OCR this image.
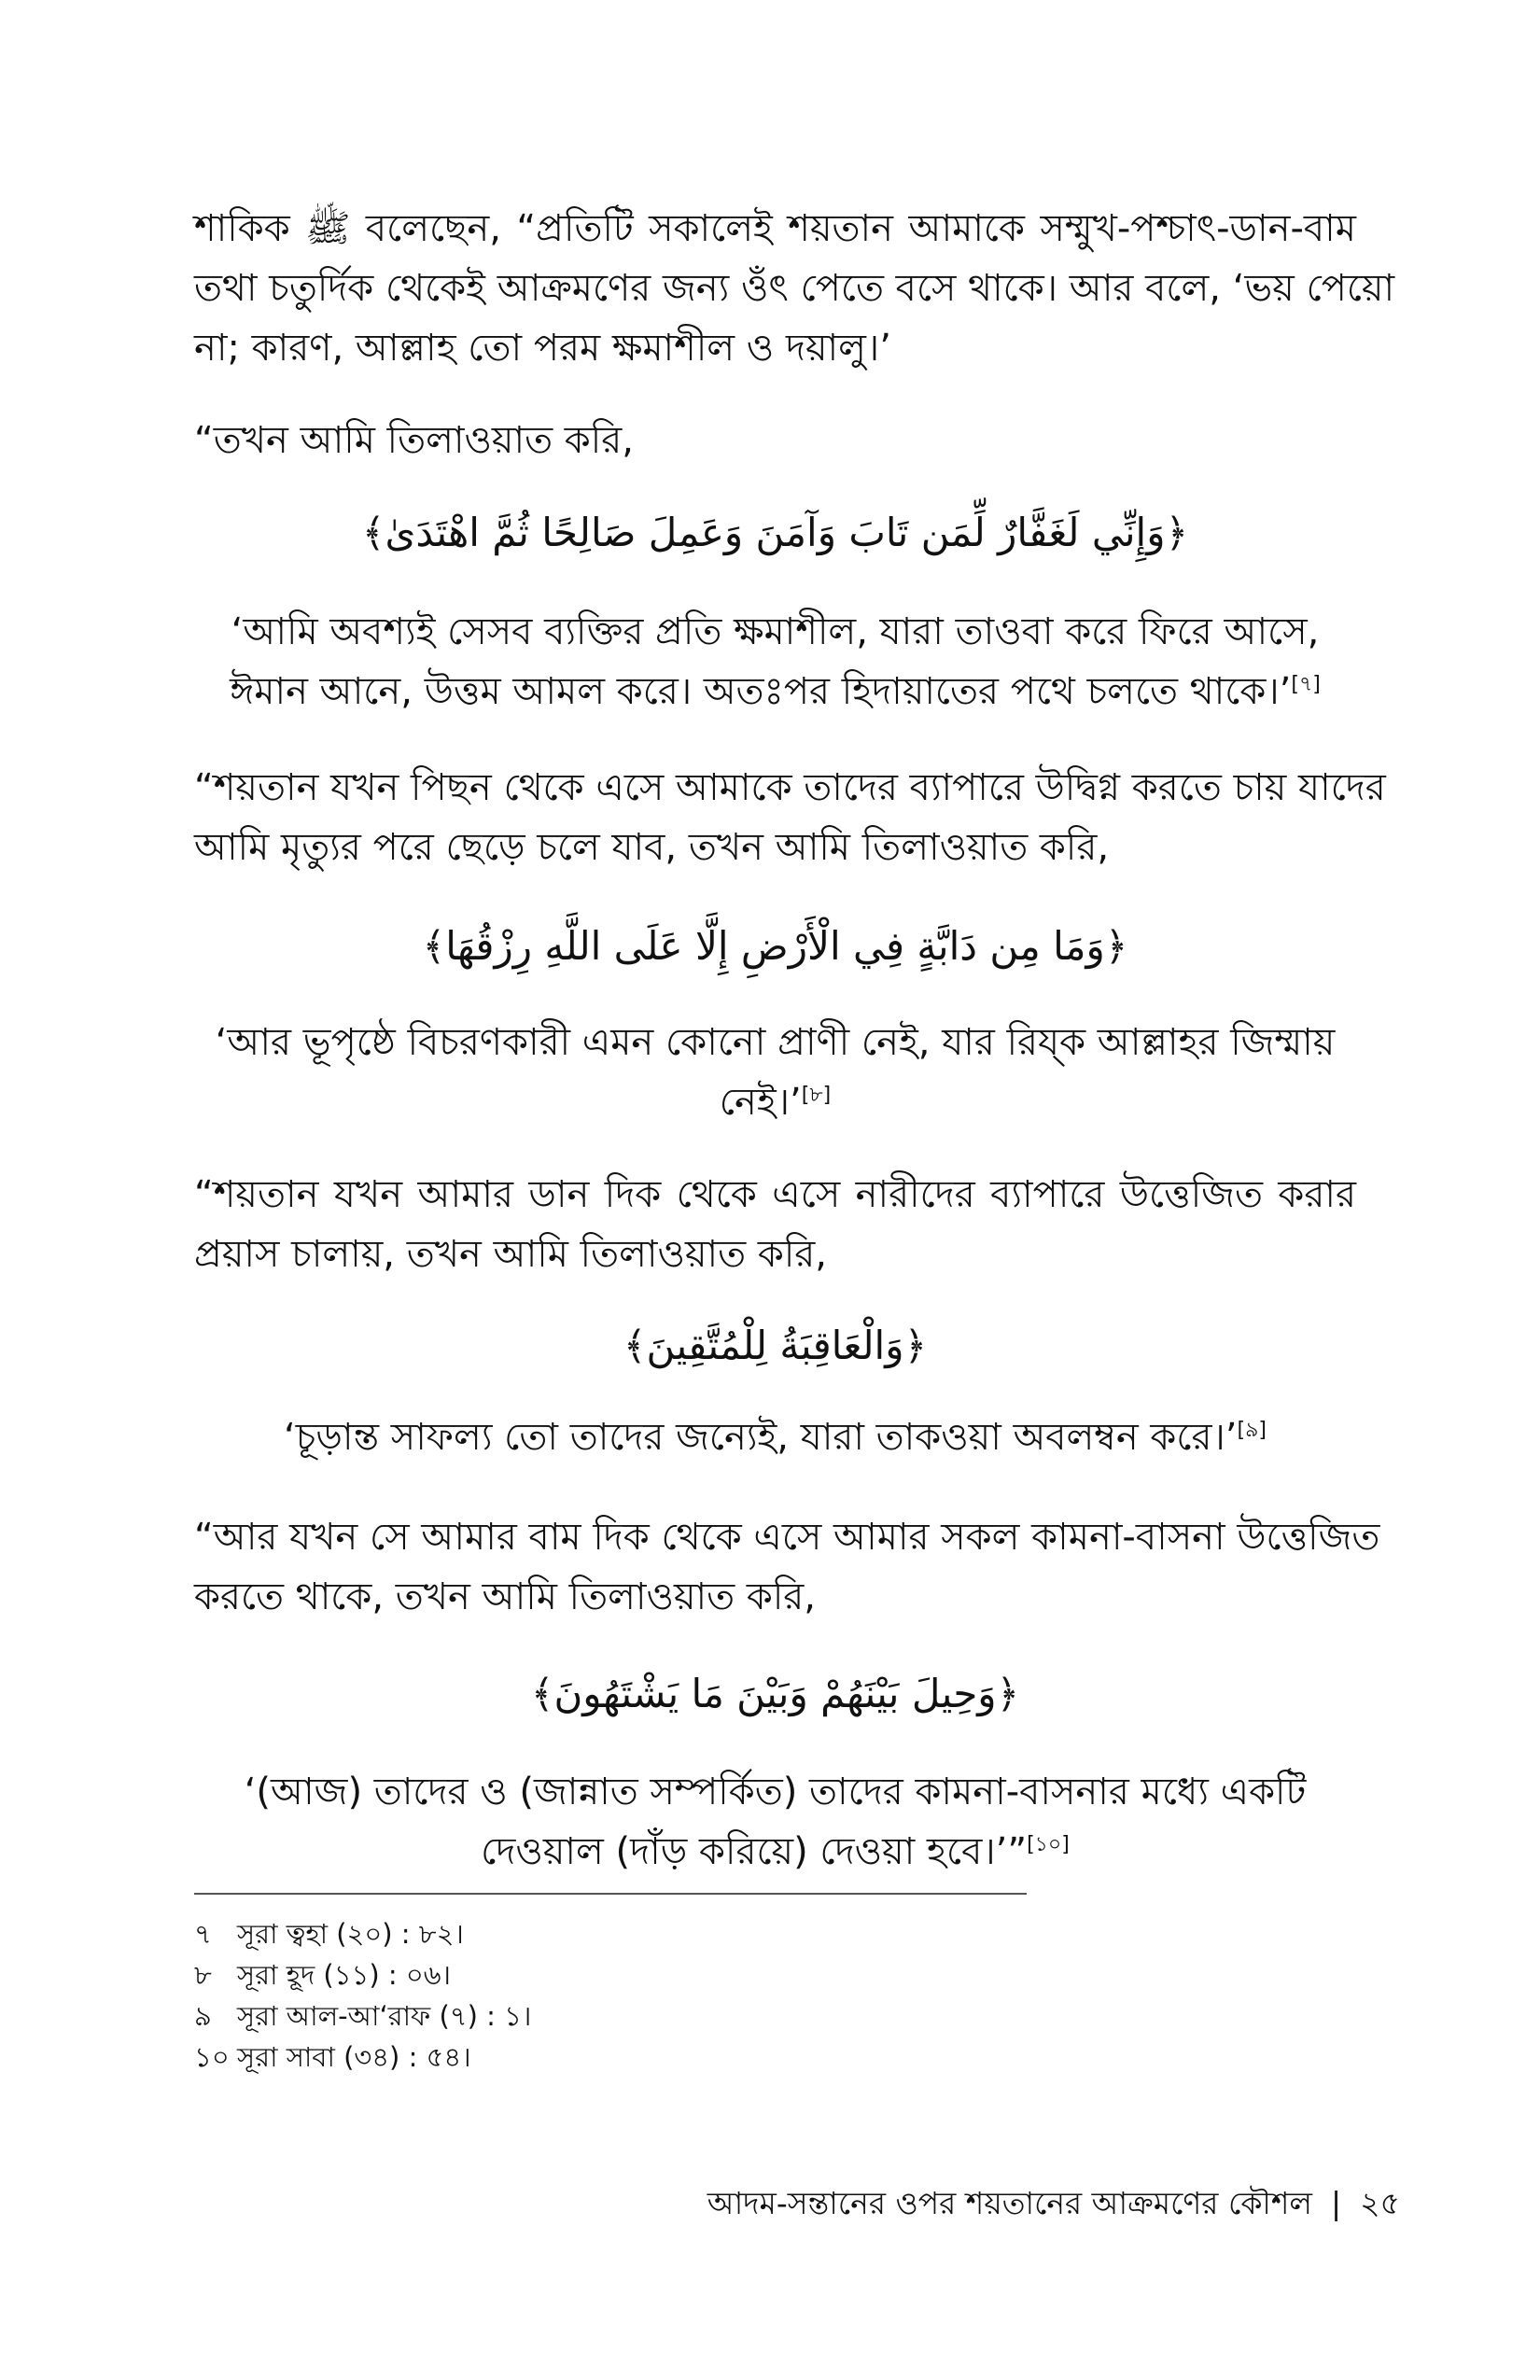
শাকিক ﷺ বলেছেন, “প্রতিটি সকালেই শয়তান আমাকে সম্মুখ-পশ্চাৎ-ডান-বাম
তথা চতুর্দিক থেকেই আক্রমণের জন্য ওঁৎ পেতে বসে থাকে। আর বলে, ‘ভয় পেয়ো
না; কারণ, আল্লাহ তো পরম ক্ষমাশীল ও দয়ালু।’
“তখন আমি তিলাওয়াত করি,
﴿وَإِنِّي لَغَفَّارٌ لِّمَن تَابَ وَآمَنَ وَعَمِلَ صَالِحًا ثُمَّ اهْتَدَىٰ﴾
‘আমি অবশ্যই সেসব ব্যক্তির প্রতি ক্ষমাশীল, যারা তাওবা করে ফিরে আসে,
ঈমান আনে, উত্তম আমল করে। অতঃপর হিদায়াতের পথে চলতে থাকে।’[৭]
“শয়তান যখন পিছন থেকে এসে আমাকে তাদের ব্যাপারে উদ্বিগ্ন করতে চায় যাদের
আমি মৃত্যুর পরে ছেড়ে চলে যাব, তখন আমি তিলাওয়াত করি,
﴿وَمَا مِن دَابَّةٍ فِي الْأَرْضِ إِلَّا عَلَى اللَّهِ رِزْقُهَا﴾
‘আর ভূপৃষ্ঠে বিচরণকারী এমন কোনো প্রাণী নেই, যার রিয্‌ক আল্লাহর জিম্মায়
নেই।’[৮]
“শয়তান যখন আমার ডান দিক থেকে এসে নারীদের ব্যাপারে উত্তেজিত করার
প্রয়াস চালায়, তখন আমি তিলাওয়াত করি,
﴿وَالْعَاقِبَةُ لِلْمُتَّقِينَ﴾
‘চূড়ান্ত সাফল্য তো তাদের জন্যেই, যারা তাকওয়া অবলম্বন করে।’[৯]
“আর যখন সে আমার বাম দিক থেকে এসে আমার সকল কামনা-বাসনা উত্তেজিত
করতে থাকে, তখন আমি তিলাওয়াত করি,
﴿وَحِيلَ بَيْنَهُمْ وَبَيْنَ مَا يَشْتَهُونَ﴾
‘(আজ) তাদের ও (জান্নাত সম্পর্কিত) তাদের কামনা-বাসনার মধ্যে একটি
দেওয়াল (দাঁড় করিয়ে) দেওয়া হবে।’”[১০]
৭ সূরা ত্বহা (২০) : ৮২।
৮ সূরা হূদ (১১) : ০৬।
৯ সূরা আল-আ‘রাফ (৭) : ১।
১০ সূরা সাবা (৩৪) : ৫৪।
আদম-সন্তানের ওপর শয়তানের আক্রমণের কৌশল | ২৫
